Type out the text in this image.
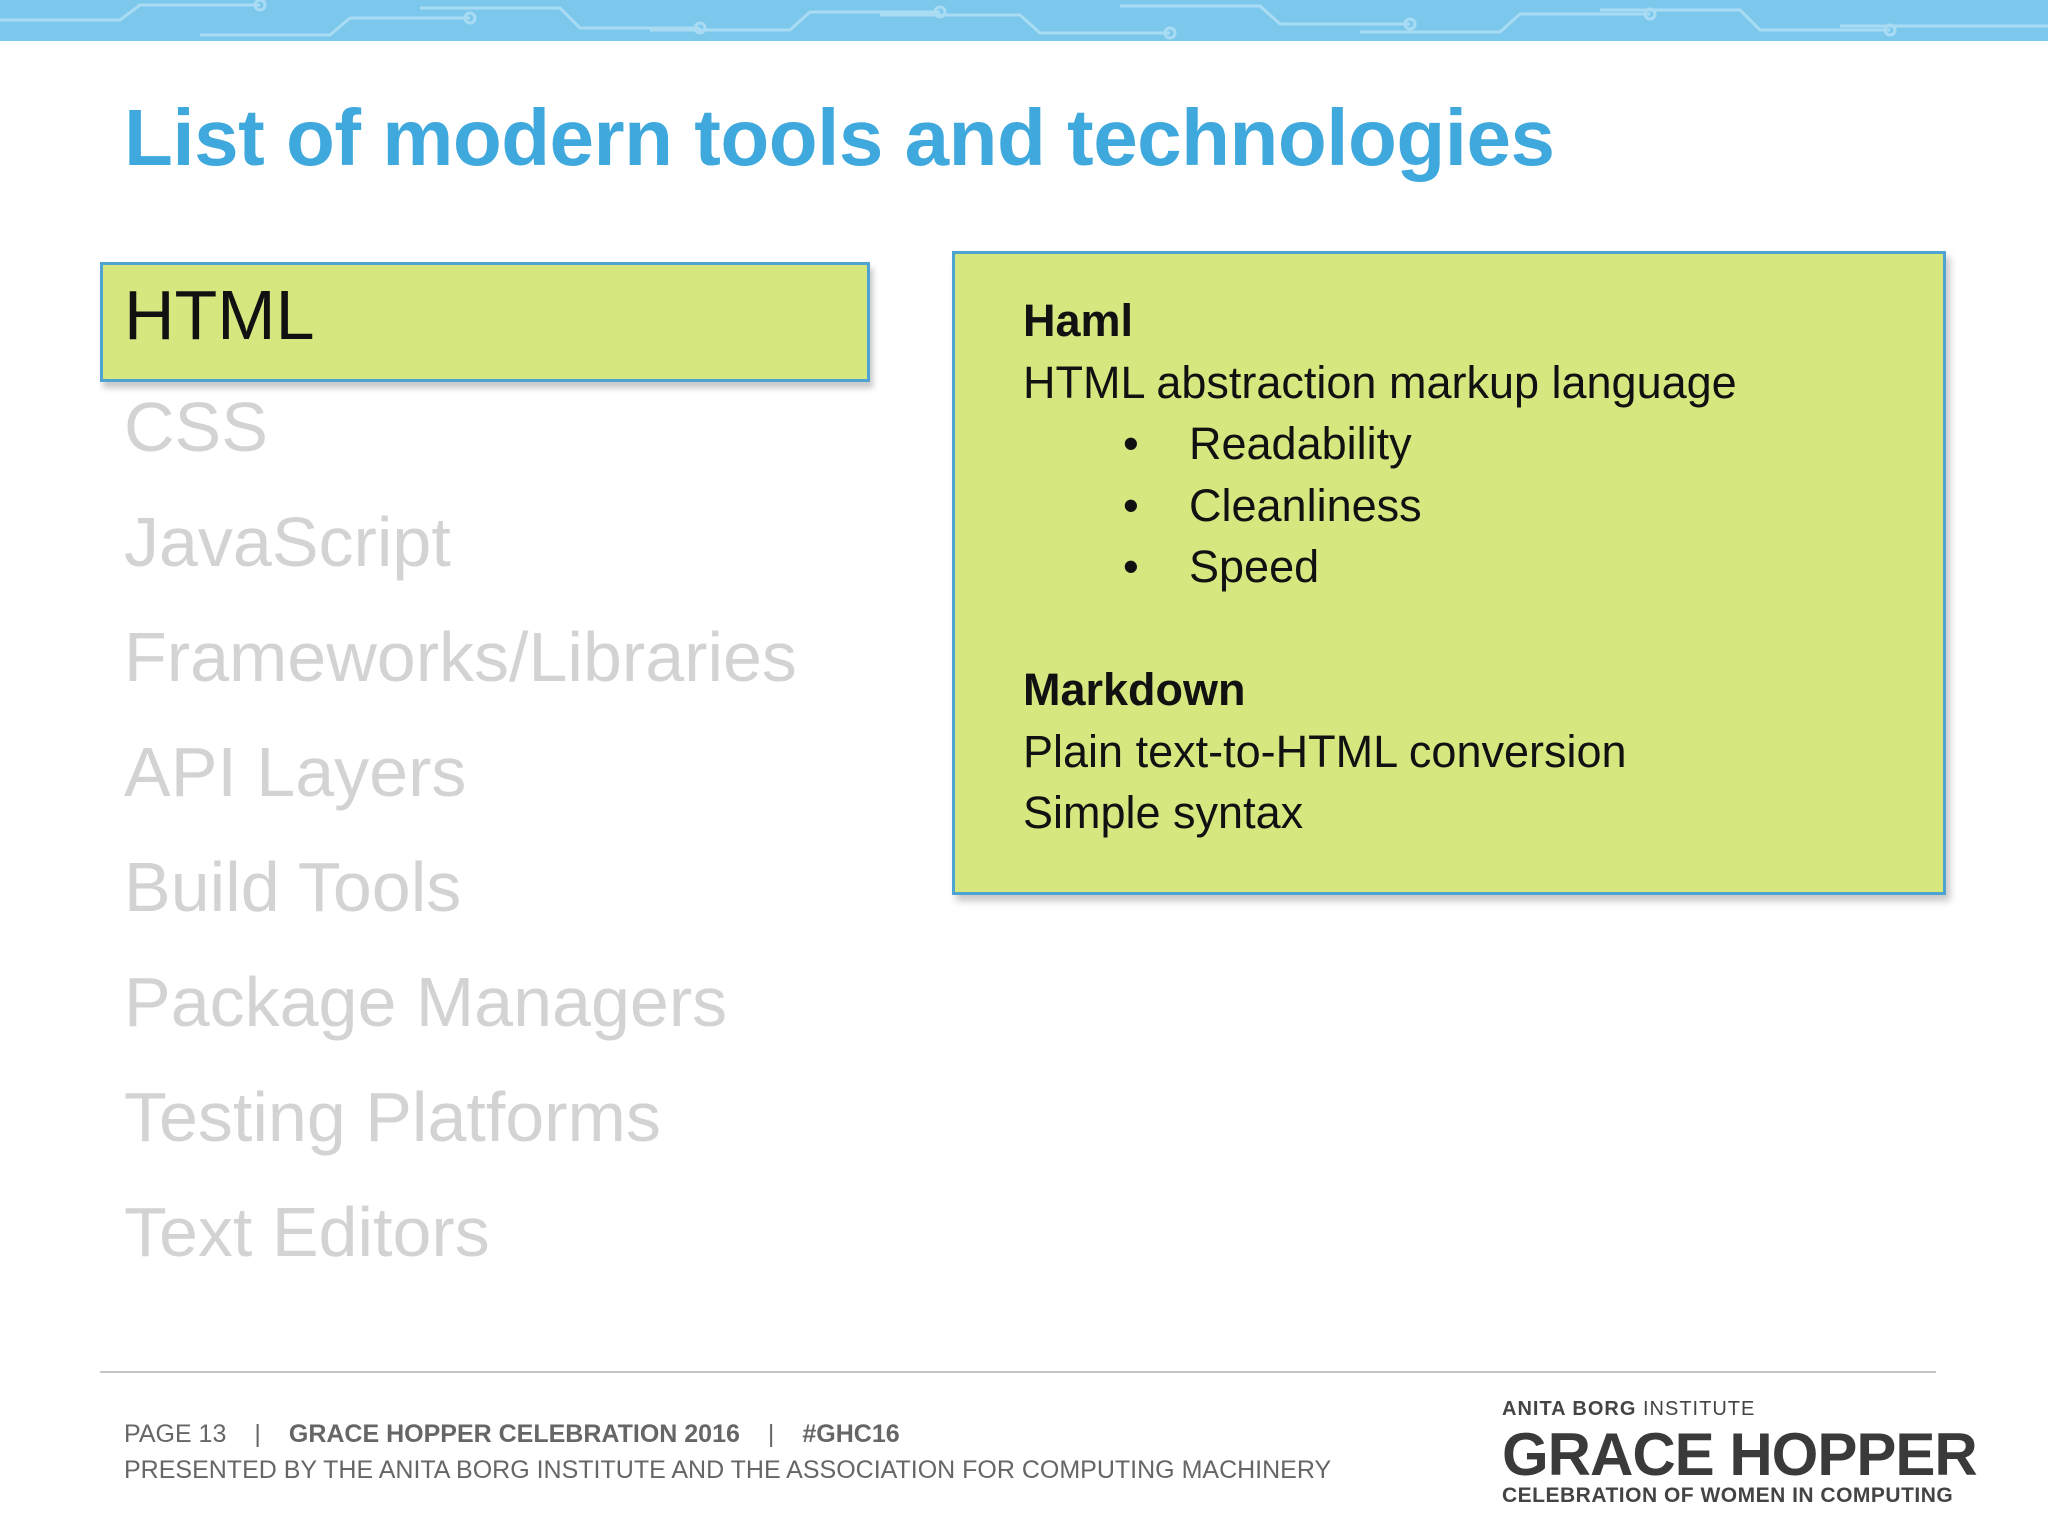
List of modern tools and technologies
HTML
CSS
JavaScript
Frameworks/Libraries
API Layers
Build Tools
Package Managers
Testing Platforms
Text Editors
Haml
HTML abstraction markup language
• Readability
• Cleanliness
• Speed
Markdown
Plain text-to-HTML conversion
Simple syntax
PAGE 13 | GRACE HOPPER CELEBRATION 2016 | #GHC16
PRESENTED BY THE ANITA BORG INSTITUTE AND THE ASSOCIATION FOR COMPUTING MACHINERY
ANITA BORG INSTITUTE
GRACE HOPPER
CELEBRATION OF WOMEN IN COMPUTING
